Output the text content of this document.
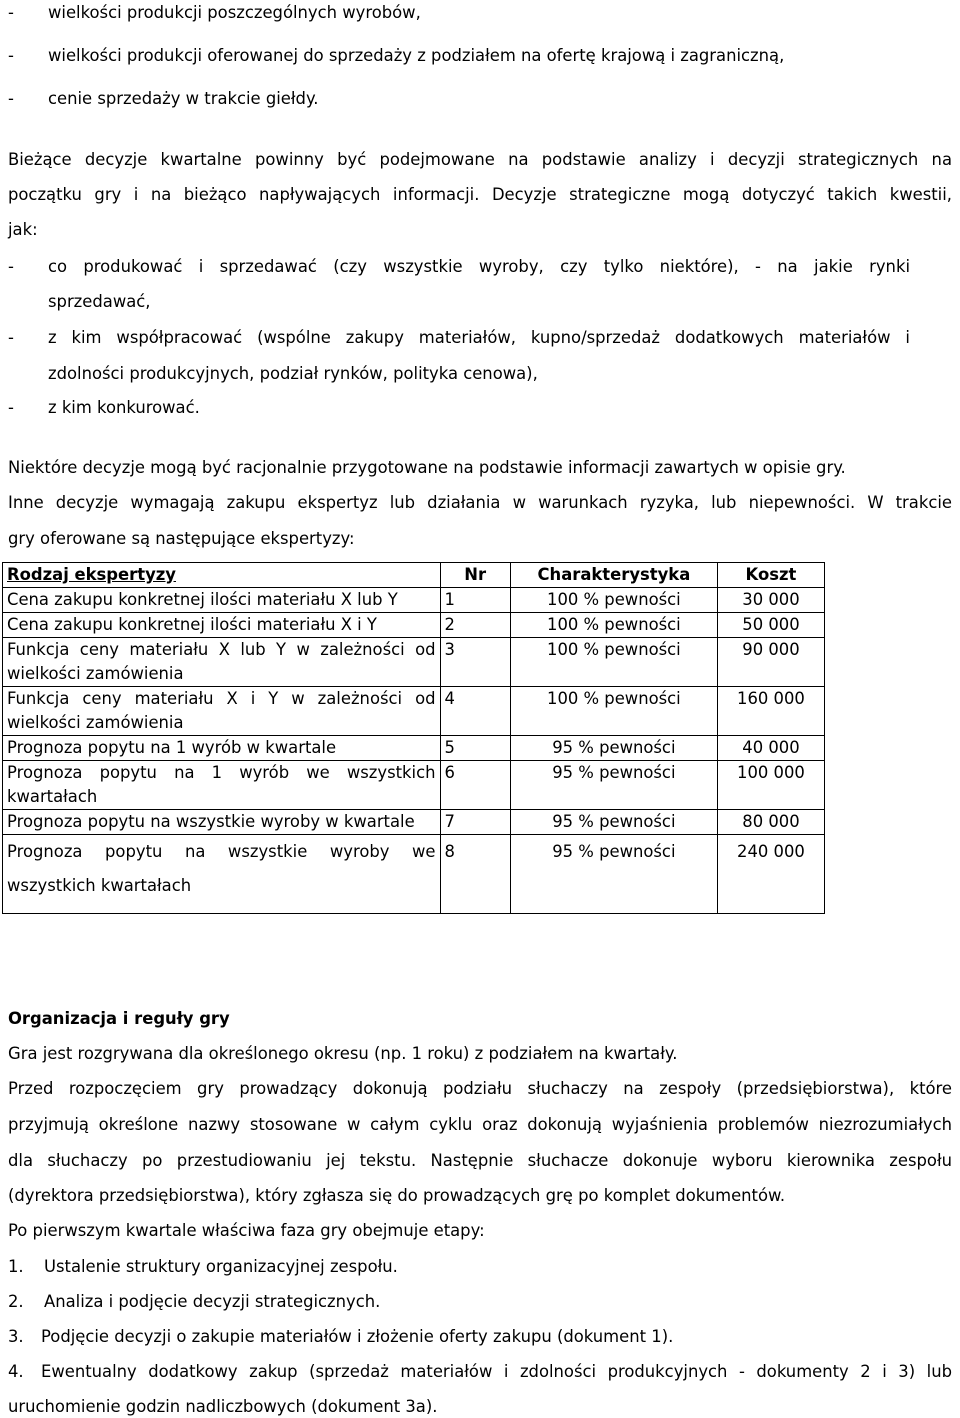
- wielkości produkcji poszczególnych wyrobów,
- wielkości produkcji oferowanej do sprzedaży z podziałem na ofertę krajową i zagraniczną,
- cenie sprzedaży w trakcie giełdy.
Bieżące decyzje kwartalne powinny być podejmowane na podstawie analizy i decyzji strategicznych na
początku gry i na bieżąco napływających informacji. Decyzje strategiczne mogą dotyczyć takich kwestii,
jak:
- co produkować i sprzedawać (czy wszystkie wyroby, czy tylko niektóre), - na jakie rynki
sprzedawać,
- z kim współpracować (wspólne zakupy materiałów, kupno/sprzedaż dodatkowych materiałów i
zdolności produkcyjnych, podział rynków, polityka cenowa),
- z kim konkurować.
Niektóre decyzje mogą być racjonalnie przygotowane na podstawie informacji zawartych w opisie gry.
Inne decyzje wymagają zakupu ekspertyz lub działania w warunkach ryzyka, lub niepewności. W trakcie
gry oferowane są następujące ekspertyzy:
Rodzaj ekspertyzy	Nr	Charakterystyka	Koszt
Cena zakupu konkretnej ilości materiału X lub Y	1	100 % pewności	30 000
Cena zakupu konkretnej ilości materiału X i Y	2	100 % pewności	50 000
Funkcja ceny materiału X lub Y w zależności od wielkości zamówienia	3	100 % pewności	90 000
Funkcja ceny materiału X i Y w zależności od wielkości zamówienia	4	100 % pewności	160 000
Prognoza popytu na 1 wyrób w kwartale	5	95 % pewności	40 000
Prognoza popytu na 1 wyrób we wszystkich kwartałach	6	95 % pewności	100 000
Prognoza popytu na wszystkie wyroby w kwartale	7	95 % pewności	80 000
Prognoza popytu na wszystkie wyroby we wszystkich kwartałach	8	95 % pewności	240 000
Organizacja i reguły gry
Gra jest rozgrywana dla określonego okresu (np. 1 roku) z podziałem na kwartały.
Przed rozpoczęciem gry prowadzący dokonują podziału słuchaczy na zespoły (przedsiębiorstwa), które
przyjmują określone nazwy stosowane w całym cyklu oraz dokonują wyjaśnienia problemów niezrozumiałych
dla słuchaczy po przestudiowaniu jej tekstu. Następnie słuchacze dokonuje wyboru kierownika zespołu
(dyrektora przedsiębiorstwa), który zgłasza się do prowadzących grę po komplet dokumentów.
Po pierwszym kwartale właściwa faza gry obejmuje etapy:
1. Ustalenie struktury organizacyjnej zespołu.
2. Analiza i podjęcie decyzji strategicznych.
3. Podjęcie decyzji o zakupie materiałów i złożenie oferty zakupu (dokument 1).
4. Ewentualny dodatkowy zakup (sprzedaż materiałów i zdolności produkcyjnych - dokumenty 2 i 3) lub
uruchomienie godzin nadliczbowych (dokument 3a).
